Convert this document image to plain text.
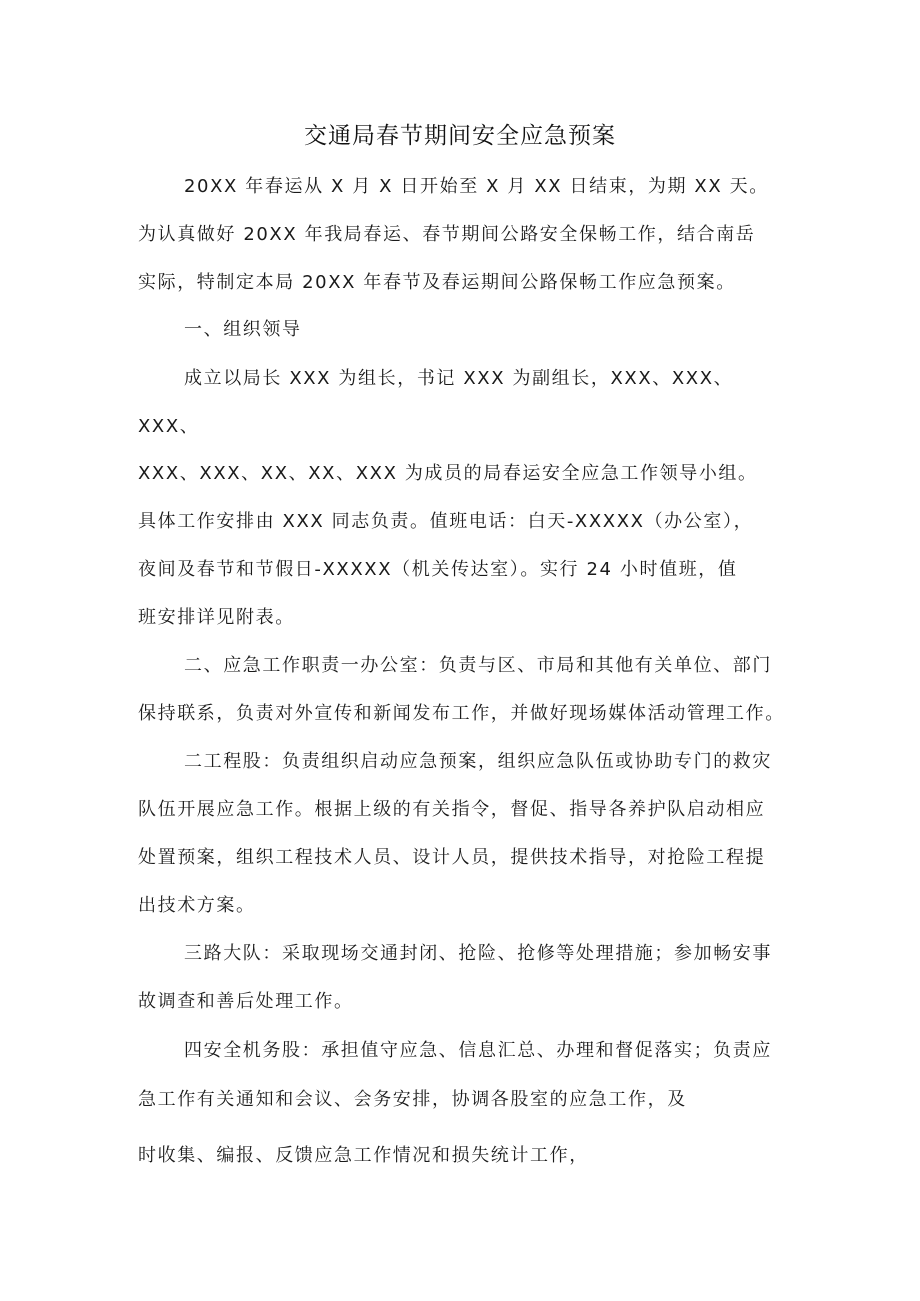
交通局春节期间安全应急预案
20XX 年春运从 X 月 X 日开始至 X 月 XX 日结束，为期 XX 天。
为认真做好 20XX 年我局春运、春节期间公路安全保畅工作，结合南岳
实际，特制定本局 20XX 年春节及春运期间公路保畅工作应急预案。
一、组织领导
成立以局长 XXX 为组长，书记 XXX 为副组长，XXX、XXX、
XXX、
XXX、XXX、XX、XX、XXX 为成员的局春运安全应急工作领导小组。
具体工作安排由 XXX 同志负责。值班电话：白天-XXXXX（办公室），
夜间及春节和节假日-XXXXX（机关传达室）。实行 24 小时值班，值
班安排详见附表。
二、应急工作职责一办公室：负责与区、市局和其他有关单位、部门
保持联系，负责对外宣传和新闻发布工作，并做好现场媒体活动管理工作。
二工程股：负责组织启动应急预案，组织应急队伍或协助专门的救灾
队伍开展应急工作。根据上级的有关指令，督促、指导各养护队启动相应
处置预案，组织工程技术人员、设计人员，提供技术指导，对抢险工程提
出技术方案。
三路大队：采取现场交通封闭、抢险、抢修等处理措施；参加畅安事
故调查和善后处理工作。
四安全机务股：承担值守应急、信息汇总、办理和督促落实；负责应
急工作有关通知和会议、会务安排，协调各股室的应急工作，及
时收集、编报、反馈应急工作情况和损失统计工作，
